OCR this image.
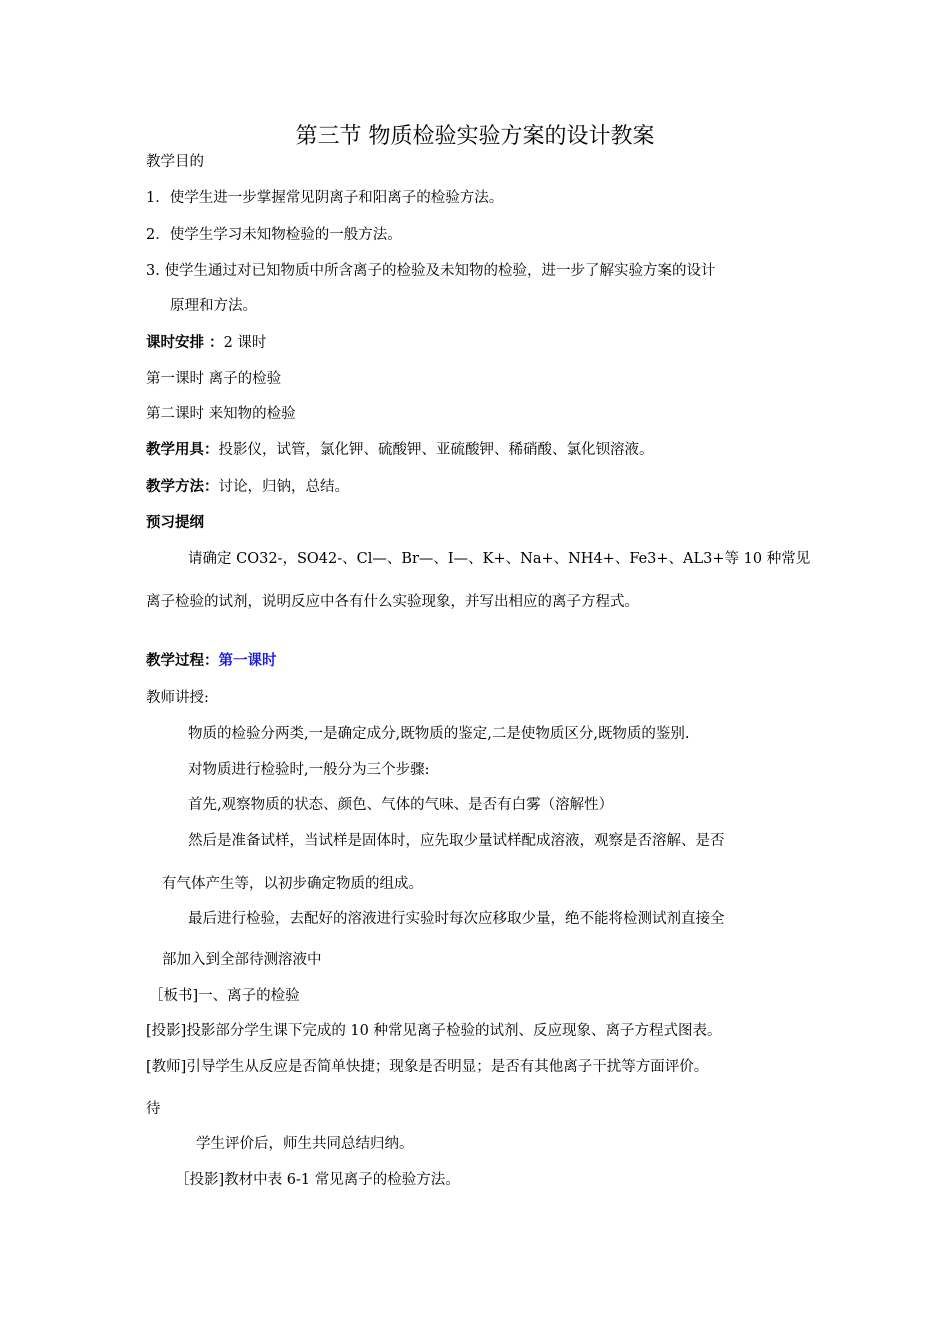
第三节 物质检验实验方案的设计教案
教学目的
1．使学生进一步掌握常见阴离子和阳离子的检验方法。
2．使学生学习未知物检验的一般方法。
3. 使学生通过对已知物质中所含离子的检验及未知物的检验，进一步了解实验方案的设计
原理和方法。
课时安排 ：2 课时
第一课时 离子的检验
第二课时 来知物的检验
教学用具：投影仪，试管，氯化钾、硫酸钾、亚硫酸钾、稀硝酸、氯化钡溶液。
教学方法：讨论，归钠，总结。
预习提纲
请确定 CO32-，SO42-、Cl—、Br—、I—、K+、Na+、NH4+、Fe3+、AL3+等 10 种常见
离子检验的试剂，说明反应中各有什么实验现象，并写出相应的离子方程式。
教学过程：第一课时
教师讲授:
物质的检验分两类,一是确定成分,既物质的鉴定,二是使物质区分,既物质的鉴别.
对物质进行检验时,一般分为三个步骤:
首先,观察物质的状态、颜色、气体的气味、是否有白雾（溶解性）
然后是准备试样，当试样是固体时，应先取少量试样配成溶液，观察是否溶解、是否
有气体产生等，以初步确定物质的组成。
最后进行检验，去配好的溶液进行实验时每次应移取少量，绝不能将检测试剂直接全
部加入到全部待测溶液中
［板书]一、离子的检验
[投影]投影部分学生课下完成的 10 种常见离子检验的试剂、反应现象、离子方程式图表。
[教师]引导学生从反应是否简单快捷；现象是否明显；是否有其他离子干扰等方面评价。
待
学生评价后，师生共同总结归纳。
［投影]教材中表 6-1 常见离子的检验方法。
